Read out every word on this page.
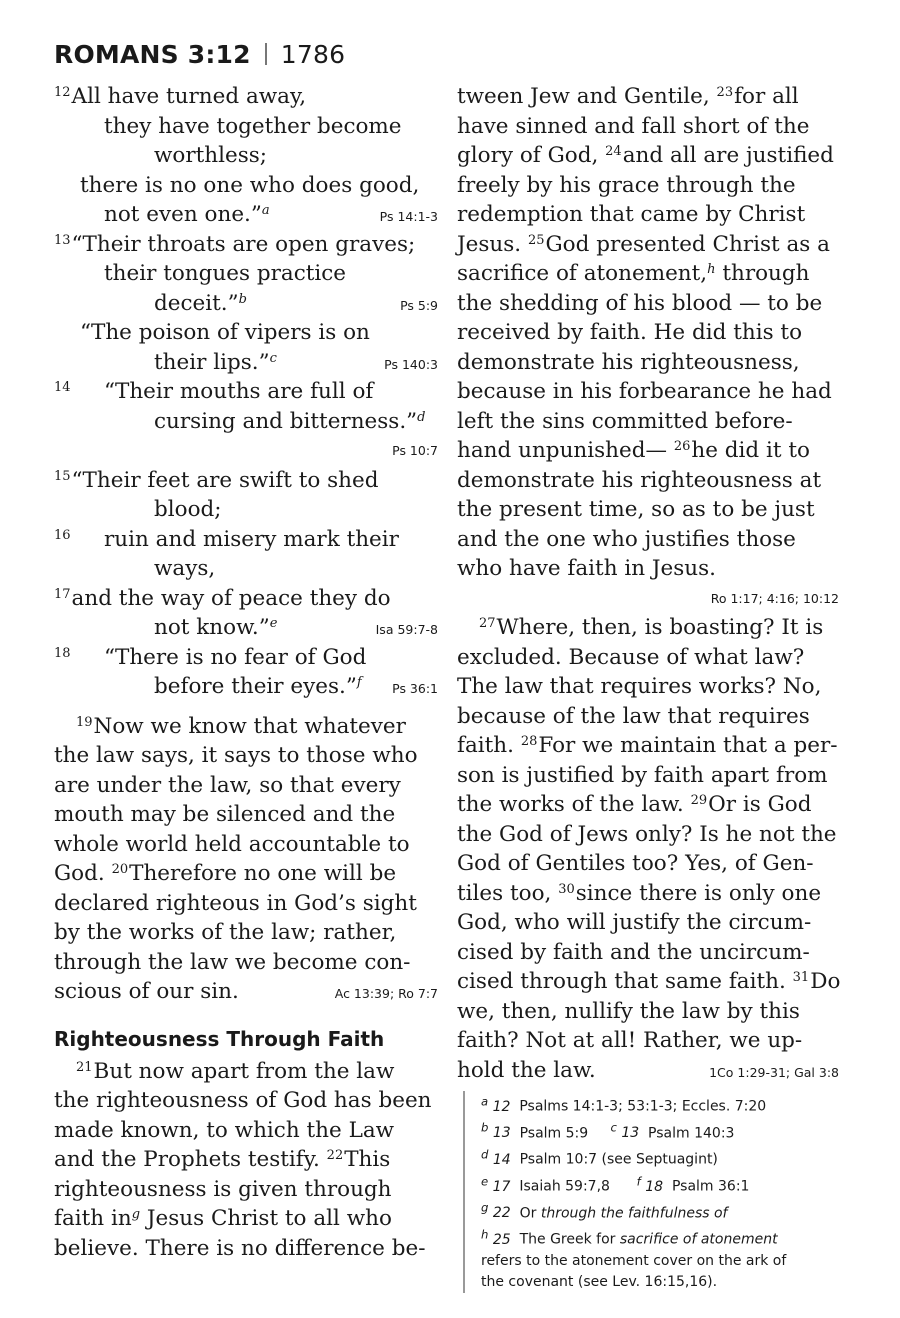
ROMANS 3:12 1786
$^{12}$All have turned away,
they have together become
worthless;
there is no one who does good,
not even one.”$^a$	Ps 14:1-3
$^{13}$“Their throats are open graves;
their tongues practice
deceit.”$^b$	Ps 5:9
“The poison of vipers is on
their lips.”$^c$	Ps 140:3
14 “Their mouths are full of
cursing and bitterness.”$^d$
Ps 10:7
$^{15}$“Their feet are swift to shed
blood;
16 ruin and misery mark their
ways,
$^{17}$and the way of peace they do
not know.”$^e$	Isa 59:7-8
18 “There is no fear of God
before their eyes.”$^f$ Ps 36:1
$^{19}$Now we know that whatever
the law says, it says to those who
are under the law, so that every
mouth may be silenced and the
whole world held accountable to
God. $^{20}$Therefore no one will be
declared righteous in God’s sight
by the works of the law; rather,
through the law we become con-
scious of our sin.	Ac 13:39; Ro 7:7
Righteousness Through Faith
$^{21}$But now apart from the law
the righteousness of God has been
made known, to which the Law
and the Prophets testify. $^{22}$This
righteousness is given through
faith in$^g$ Jesus Christ to all who
believe. There is no difference be-
tween Jew and Gentile, $^{23}$for all
have sinned and fall short of the
glory of God, $^{24}$and all are justified
freely by his grace through the
redemption that came by Christ
Jesus. $^{25}$God presented Christ as a
sacrifice of atonement,$^h$ through
the shedding of his blood — to be
received by faith. He did this to
demonstrate his righteousness,
because in his forbearance he had
left the sins committed before-
hand unpunished— $^{26}$he did it to
demonstrate his righteousness at
the present time, so as to be just
and the one who justifies those
who have faith in Jesus.
Ro 1:17; 4:16; 10:12
$^{27}$Where, then, is boasting? It is
excluded. Because of what law?
The law that requires works? No,
because of the law that requires
faith. $^{28}$For we maintain that a per-
son is justified by faith apart from
the works of the law. $^{29}$Or is God
the God of Jews only? Is he not the
God of Gentiles too? Yes, of Gen-
tiles too, $^{30}$since there is only one
God, who will justify the circum-
cised by faith and the uncircum-
cised through that same faith. $^{31}$Do
we, then, nullify the law by this
faith? Not at all! Rather, we up-
hold the law.	1Co 1:29-31; Gal 3:8
$^a$ 12 Psalms 14:1-3; 53:1-3; Eccles. 7:20
$^b$ 13 Psalm 5:9 $^c$ 13 Psalm 140:3
$^d$ 14 Psalm 10:7 (see Septuagint)
$^e$ 17 Isaiah 59:7,8 $^f$ 18 Psalm 36:1
$^g$ 22 Or through the faithfulness of
$^h$ 25 The Greek for sacrifice of atonement
refers to the atonement cover on the ark of
the covenant (see Lev. 16:15,16).
